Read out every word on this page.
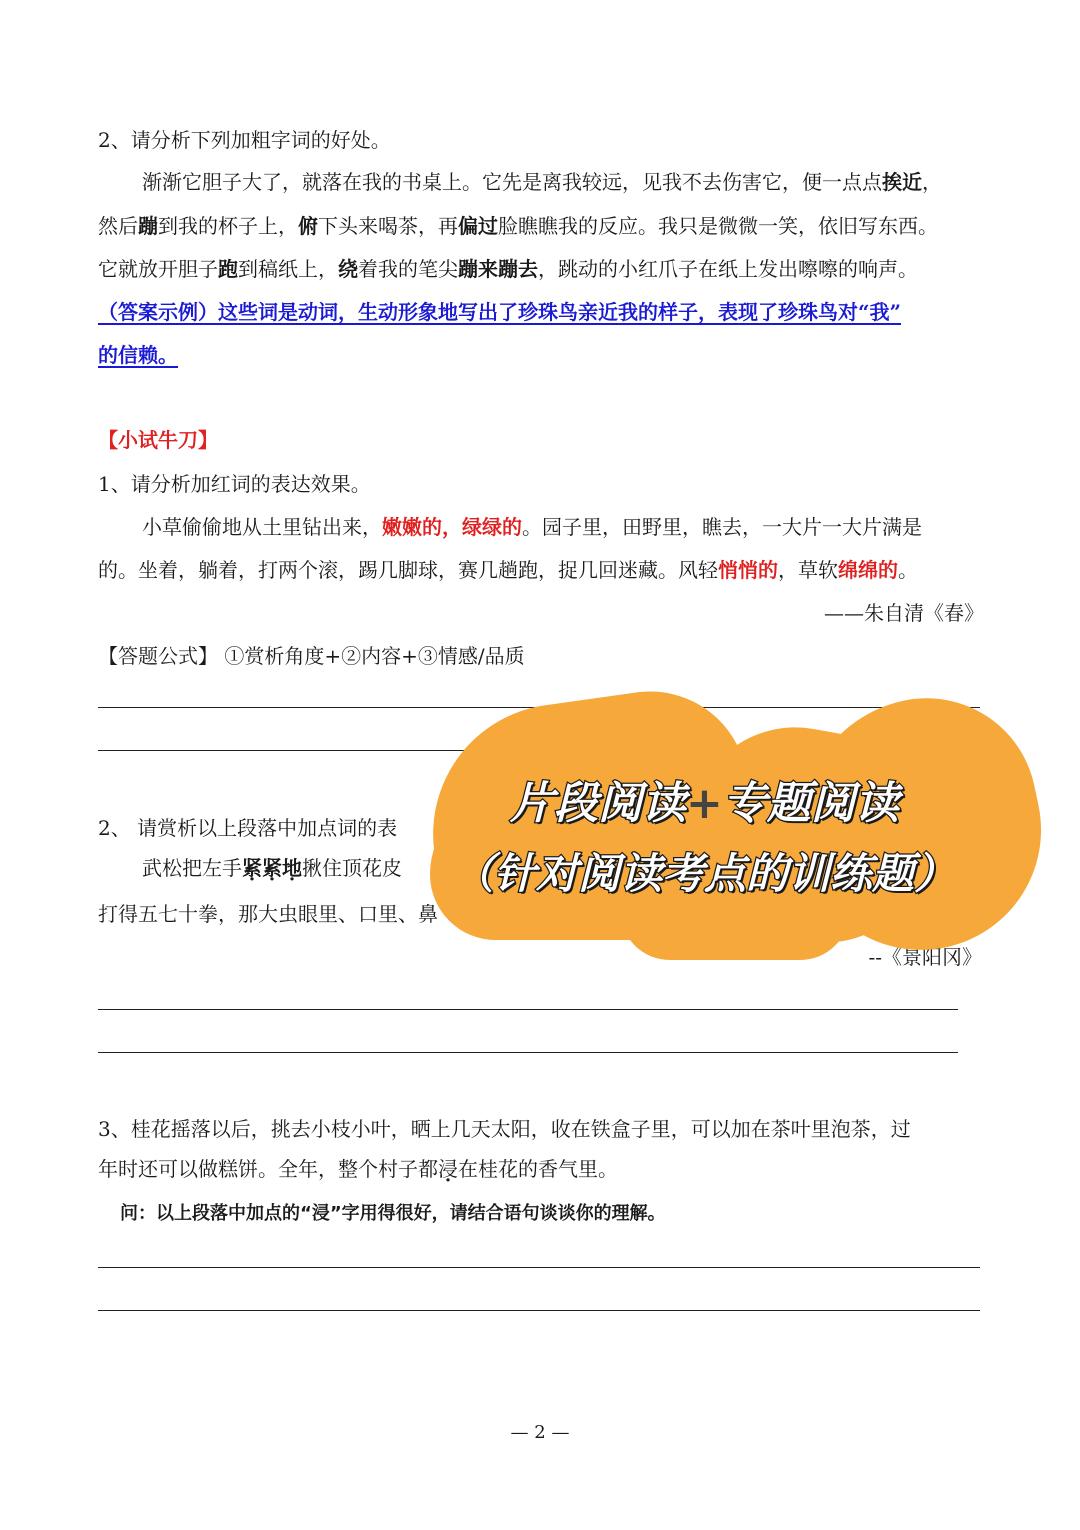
2、请分析下列加粗字词的好处。
渐渐它胆子大了，就落在我的书桌上。它先是离我较远，见我不去伤害它，便一点点挨近，
然后蹦到我的杯子上，俯下头来喝茶，再偏过脸瞧瞧我的反应。我只是微微一笑，依旧写东西。
它就放开胆子跑到稿纸上，绕着我的笔尖蹦来蹦去，跳动的小红爪子在纸上发出嚓嚓的响声。
（答案示例）这些词是动词，生动形象地写出了珍珠鸟亲近我的样子，表现了珍珠鸟对“我”
的信赖。
【小试牛刀】
1、请分析加红词的表达效果。
小草偷偷地从土里钻出来，嫩嫩的，绿绿的。园子里，田野里，瞧去，一大片一大片满是
的。坐着，躺着，打两个滚，踢几脚球，赛几趟跑，捉几回迷藏。风轻悄悄的，草软绵绵的。
——朱自清《春》
【答题公式】 ①赏析角度+②内容+③情感/品质
2、 请赏析以上段落中加点词的表
武松把左手紧紧地揪住顶花皮
打得五七十拳，那大虫眼里、口里、鼻
--《景阳冈》
3、桂花摇落以后，挑去小枝小叶，晒上几天太阳，收在铁盒子里，可以加在茶叶里泡茶，过
年时还可以做糕饼。全年，整个村子都浸在桂花的香气里。
问：以上段落中加点的“浸”字用得很好，请结合语句谈谈你的理解。
— 2 —
片段阅读+专题阅读
（针对阅读考点的训练题）
